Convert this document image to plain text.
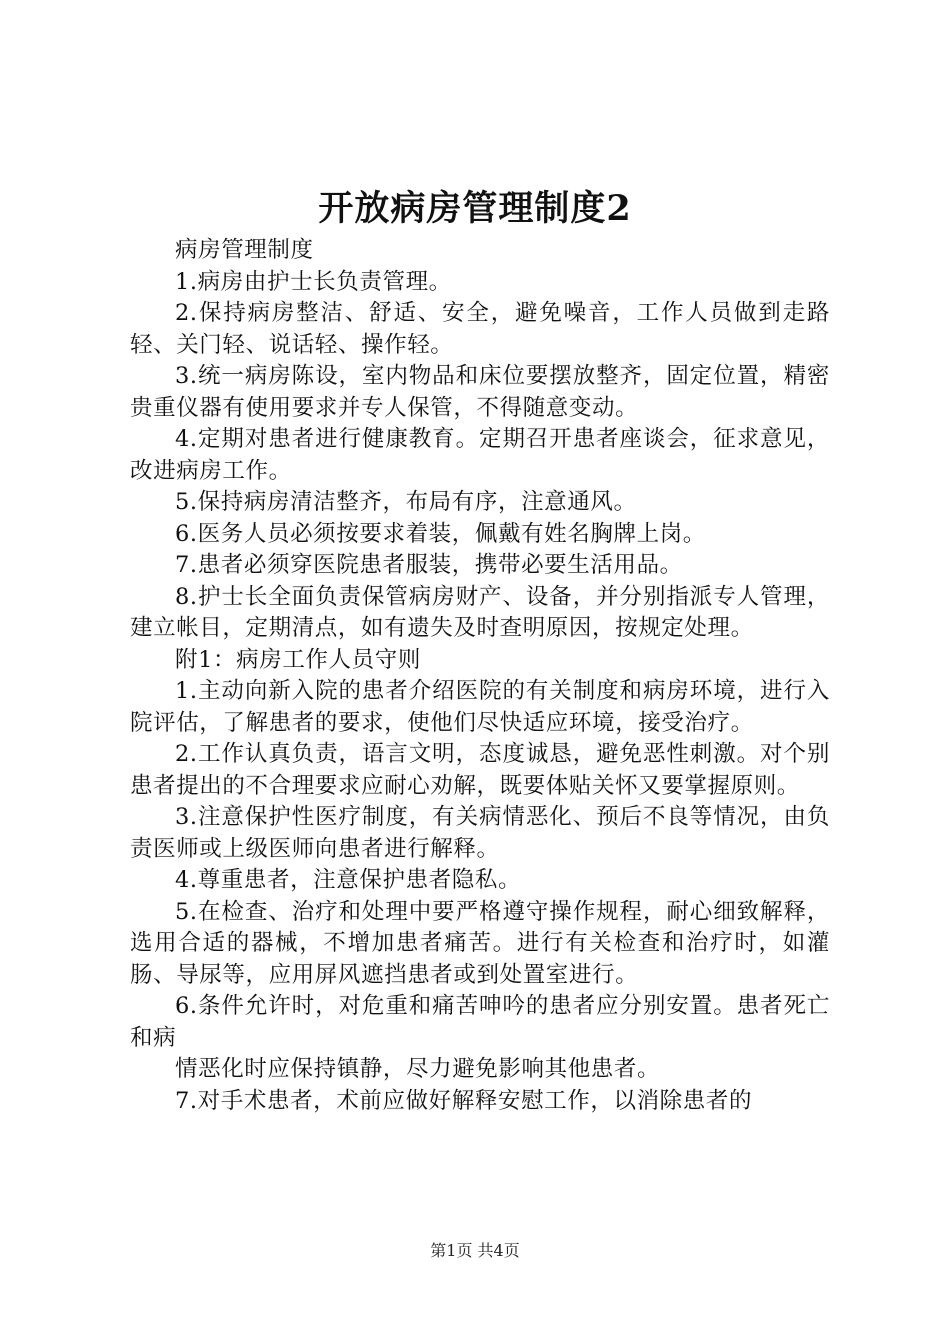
开放病房管理制度2

病房管理制度

1.病房由护士长负责管理。

2.保持病房整洁、舒适、安全，避免噪音，工作人员做到走路轻、关门轻、说话轻、操作轻。

3.统一病房陈设，室内物品和床位要摆放整齐，固定位置，精密贵重仪器有使用要求并专人保管，不得随意变动。

4.定期对患者进行健康教育。定期召开患者座谈会，征求意见，改进病房工作。

5.保持病房清洁整齐，布局有序，注意通风。

6.医务人员必须按要求着装，佩戴有姓名胸牌上岗。

7.患者必须穿医院患者服装，携带必要生活用品。

8.护士长全面负责保管病房财产、设备，并分别指派专人管理，建立帐目，定期清点，如有遗失及时查明原因，按规定处理。

附1：病房工作人员守则

1.主动向新入院的患者介绍医院的有关制度和病房环境，进行入院评估，了解患者的要求，使他们尽快适应环境，接受治疗。

2.工作认真负责，语言文明，态度诚恳，避免恶性刺激。对个别患者提出的不合理要求应耐心劝解，既要体贴关怀又要掌握原则。

3.注意保护性医疗制度，有关病情恶化、预后不良等情况，由负责医师或上级医师向患者进行解释。

4.尊重患者，注意保护患者隐私。

5.在检查、治疗和处理中要严格遵守操作规程，耐心细致解释，选用合适的器械，不增加患者痛苦。进行有关检查和治疗时，如灌肠、导尿等，应用屏风遮挡患者或到处置室进行。

6.条件允许时，对危重和痛苦呻吟的患者应分别安置。患者死亡和病

情恶化时应保持镇静，尽力避免影响其他患者。

7.对手术患者，术前应做好解释安慰工作，以消除患者的

第1页 共4页
